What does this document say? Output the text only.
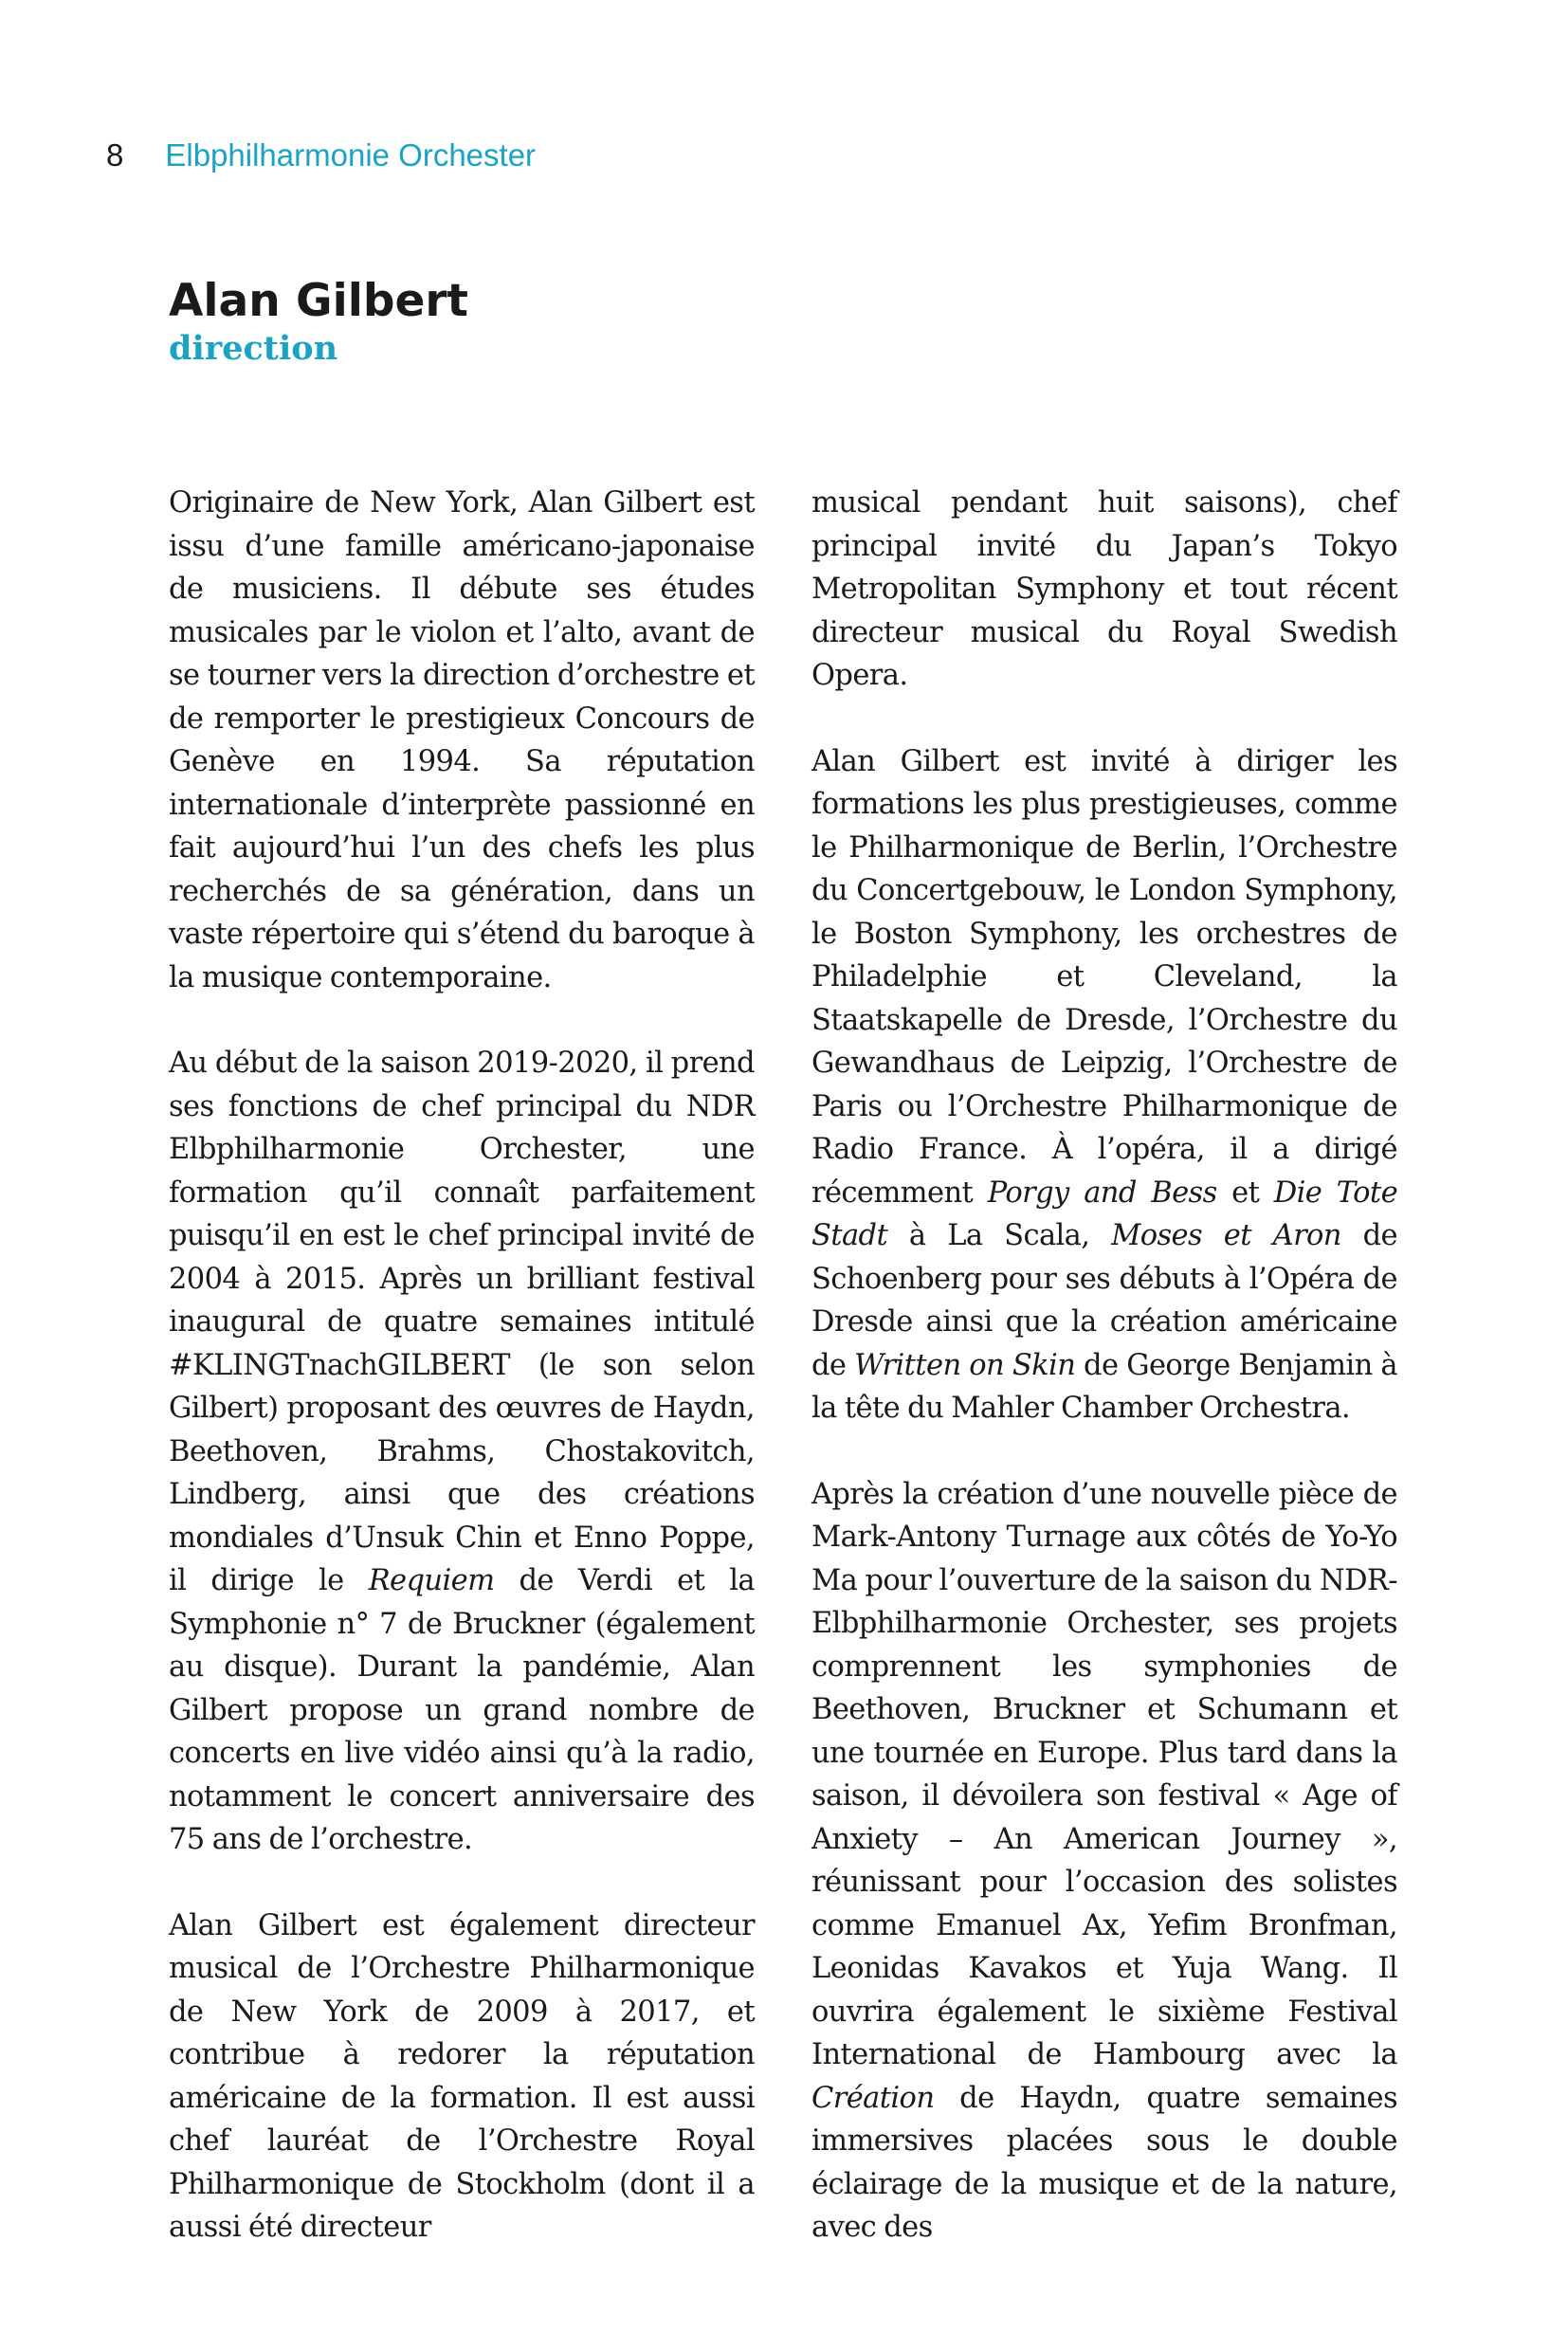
8 Elbphilharmonie Orchester
Alan Gilbert
direction

Originaire de New York, Alan Gilbert est issu d’une famille américano-japonaise de musiciens. Il débute ses études musicales par le violon et l’alto, avant de se tourner vers la direction d’orchestre et de remporter le prestigieux Concours de Genève en 1994. Sa réputation internationale d’interprète passionné en fait aujourd’hui l’un des chefs les plus recherchés de sa génération, dans un vaste répertoire qui s’étend du baroque à la musique contemporaine.

Au début de la saison 2019-2020, il prend ses fonctions de chef principal du NDR Elbphilharmonie Orchester, une formation qu’il connaît parfaitement puisqu’il en est le chef principal invité de 2004 à 2015. Après un brilliant festival inaugural de quatre semaines intitulé #KLINGTnachGILBERT (le son selon Gilbert) proposant des œuvres de Haydn, Beethoven, Brahms, Chostakovitch, Lindberg, ainsi que des créations mondiales d’Unsuk Chin et Enno Poppe, il dirige le Requiem de Verdi et la Symphonie n° 7 de Bruckner (également au disque). Durant la pandémie, Alan Gilbert propose un grand nombre de concerts en live vidéo ainsi qu’à la radio, notamment le concert anniversaire des 75 ans de l’orchestre.

Alan Gilbert est également directeur musical de l’Orchestre Philharmonique de New York de 2009 à 2017, et contribue à redorer la réputation américaine de la formation. Il est aussi chef lauréat de l’Orchestre Royal Philharmonique de Stockholm (dont il a aussi été directeur

musical pendant huit saisons), chef principal invité du Japan’s Tokyo Metropolitan Symphony et tout récent directeur musical du Royal Swedish Opera.

Alan Gilbert est invité à diriger les formations les plus prestigieuses, comme le Philharmonique de Berlin, l’Orchestre du Concertgebouw, le London Symphony, le Boston Symphony, les orchestres de Philadelphie et Cleveland, la Staatskapelle de Dresde, l’Orchestre du Gewandhaus de Leipzig, l’Orchestre de Paris ou l’Orchestre Philharmonique de Radio France. À l’opéra, il a dirigé récemment Porgy and Bess et Die Tote Stadt à La Scala, Moses et Aron de Schoenberg pour ses débuts à l’Opéra de Dresde ainsi que la création américaine de Written on Skin de George Benjamin à la tête du Mahler Chamber Orchestra.

Après la création d’une nouvelle pièce de Mark-Antony Turnage aux côtés de Yo-Yo Ma pour l’ouverture de la saison du NDR-Elbphilharmonie Orchester, ses projets comprennent les symphonies de Beethoven, Bruckner et Schumann et une tournée en Europe. Plus tard dans la saison, il dévoilera son festival « Age of Anxiety – An American Journey », réunissant pour l’occasion des solistes comme Emanuel Ax, Yefim Bronfman, Leonidas Kavakos et Yuja Wang. Il ouvrira également le sixième Festival International de Hambourg avec la Création de Haydn, quatre semaines immersives placées sous le double éclairage de la musique et de la nature, avec des
